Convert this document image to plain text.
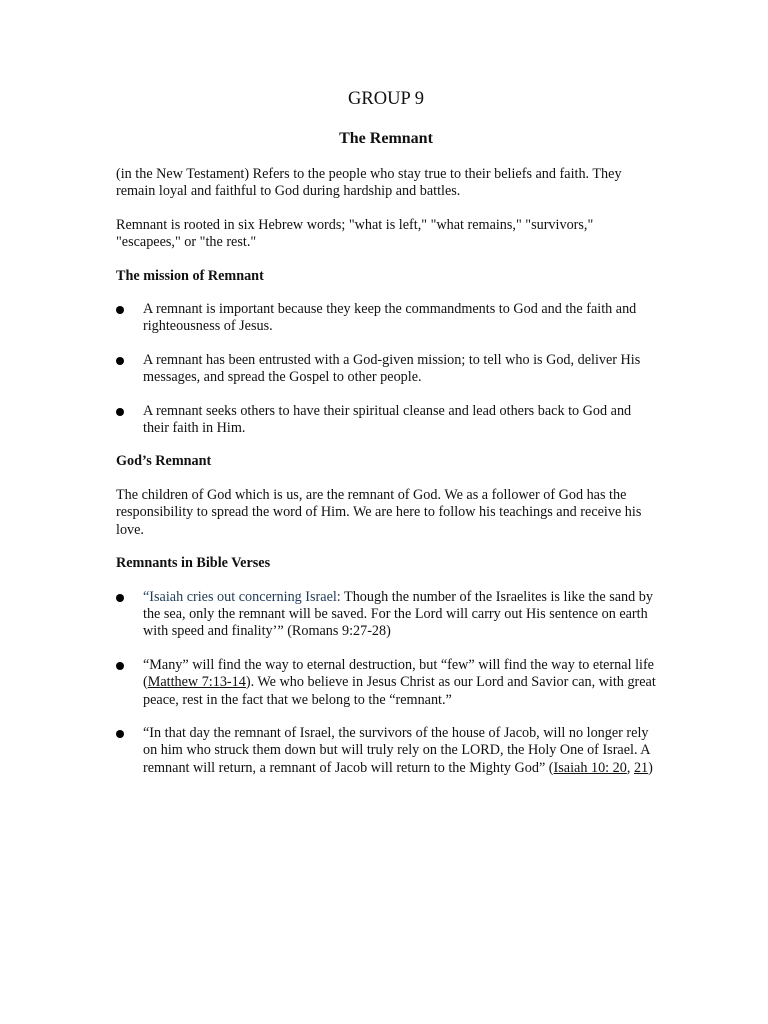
GROUP 9
The Remnant

(in the New Testament) Refers to the people who stay true to their beliefs and faith. They remain loyal and faithful to God during hardship and battles.

Remnant is rooted in six Hebrew words; "what is left," "what remains," "survivors," "escapees," or "the rest."

The mission of Remnant
A remnant is important because they keep the commandments to God and the faith and righteousness of Jesus.
A remnant has been entrusted with a God-given mission; to tell who is God, deliver His messages, and spread the Gospel to other people.
A remnant seeks others to have their spiritual cleanse and lead others back to God and their faith in Him.
God’s Remnant

The children of God which is us, are the remnant of God. We as a follower of God has the responsibility to spread the word of Him. We are here to follow his teachings and receive his love.

Remnants in Bible Verses
“Isaiah cries out concerning Israel: Though the number of the Israelites is like the sand by the sea, only the remnant will be saved. For the Lord will carry out His sentence on earth with speed and finality’” (Romans 9:27-28)
“Many” will find the way to eternal destruction, but “few” will find the way to eternal life (Matthew 7:13-14). We who believe in Jesus Christ as our Lord and Savior can, with great peace, rest in the fact that we belong to the “remnant.”
“In that day the remnant of Israel, the survivors of the house of Jacob, will no longer rely on him who struck them down but will truly rely on the LORD, the Holy One of Israel. A remnant will return, a remnant of Jacob will return to the Mighty God” (Isaiah 10: 20, 21)
